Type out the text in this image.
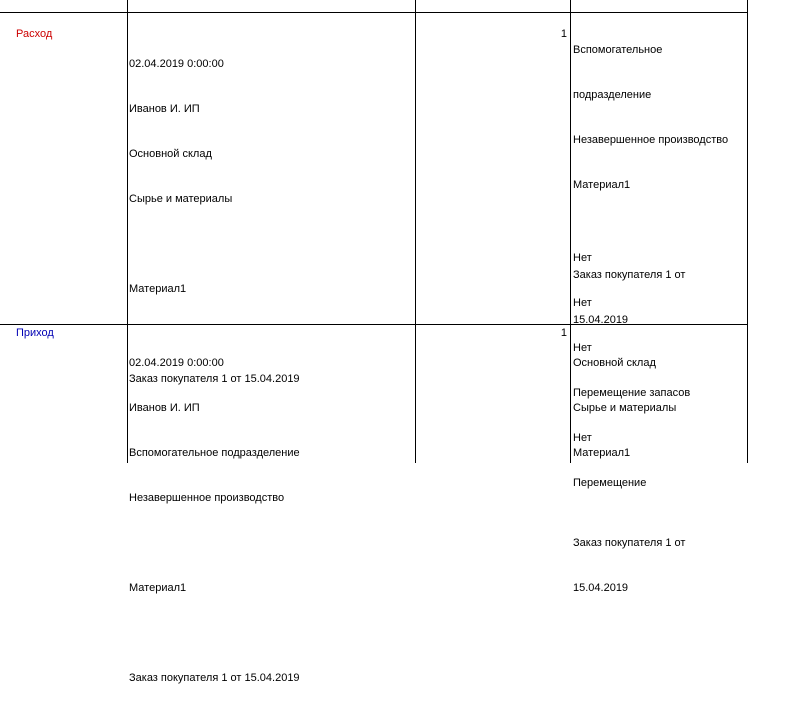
Расход

02.04.2019 0:00:00

Иванов И. ИП

Основной склад

Сырье и материалы

Материал1

Заказ покупателя 1 от 15.04.2019

1

Вспомогательное

подразделение

Незавершенное производство

Материал1

Заказ покупателя 1 от

15.04.2019

Нет

Нет

Нет

Перемещение запасов

Нет

Перемещение

Приход

02.04.2019 0:00:00

Иванов И. ИП

Вспомогательное подразделение

Незавершенное производство

Материал1

Заказ покупателя 1 от 15.04.2019

1

Основной склад

Сырье и материалы

Материал1

Заказ покупателя 1 от

15.04.2019
